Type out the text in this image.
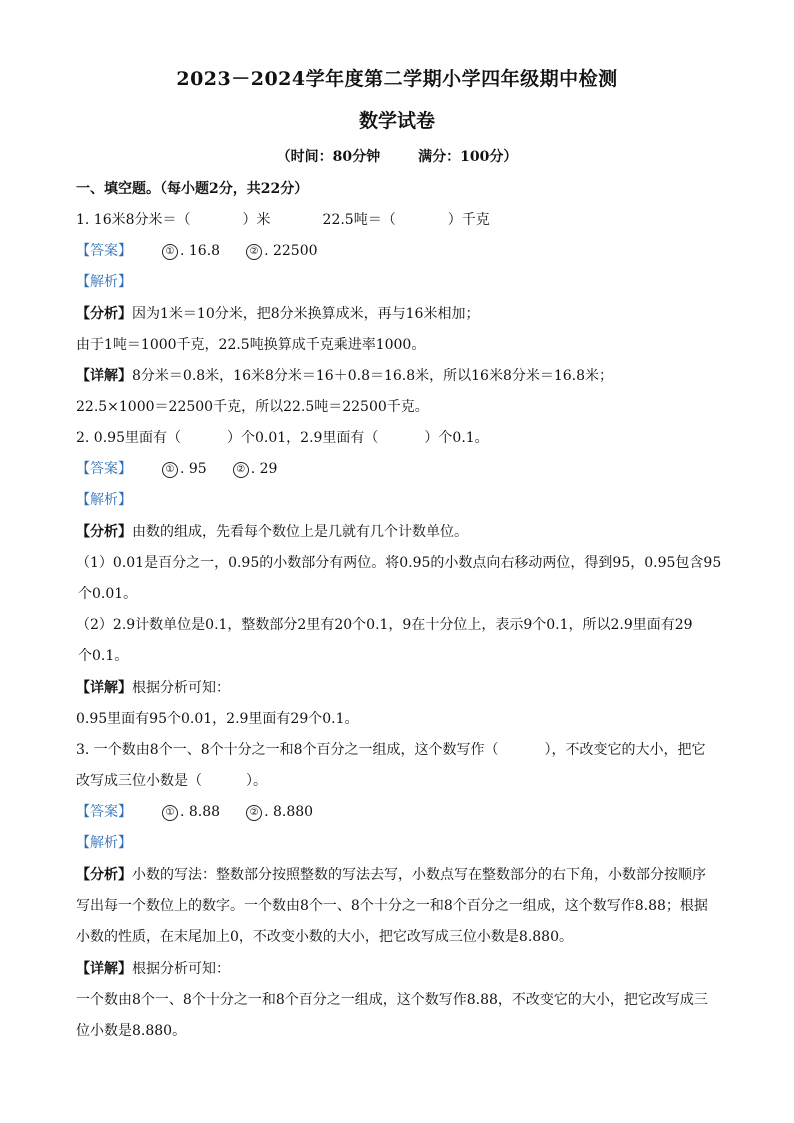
2023－2024学年度第二学期小学四年级期中检测
数学试卷
（时间：80分钟	满分：100分）
一、填空题。（每小题2分，共22分）
1. 16米8分米＝（	）米	22.5吨＝（	）千克
【答案】	① . 16.8	② . 22500
【解析】
【分析】因为1米＝10分米，把8分米换算成米，再与16米相加；
由于1吨＝1000千克，22.5吨换算成千克乘进率1000。
【详解】8分米＝0.8米，16米8分米＝16＋0.8＝16.8米，所以16米8分米＝16.8米；
22.5×1000＝22500千克，所以22.5吨＝22500千克。
2. 0.95里面有（	）个0.01，2.9里面有（	）个0.1。
【答案】	① . 95	② . 29
【解析】
【分析】由数的组成，先看每个数位上是几就有几个计数单位。
（1）0.01是百分之一，0.95的小数部分有两位。将0.95的小数点向右移动两位，得到95，0.95包含95
个0.01。
（2）2.9计数单位是0.1，整数部分2里有20个0.1，9在十分位上，表示9个0.1，所以2.9里面有29
个0.1。
【详解】根据分析可知：
0.95里面有95个0.01，2.9里面有29个0.1。
3. 一个数由8个一、8个十分之一和8个百分之一组成，这个数写作（	），不改变它的大小，把它
改写成三位小数是（	）。
【答案】	① . 8.88	② . 8.880
【解析】
【分析】小数的写法：整数部分按照整数的写法去写，小数点写在整数部分的右下角，小数部分按顺序
写出每一个数位上的数字。一个数由8个一、8个十分之一和8个百分之一组成，这个数写作8.88；根据
小数的性质，在末尾加上0，不改变小数的大小，把它改写成三位小数是8.880。
【详解】根据分析可知：
一个数由8个一、8个十分之一和8个百分之一组成，这个数写作8.88，不改变它的大小，把它改写成三
位小数是8.880。
